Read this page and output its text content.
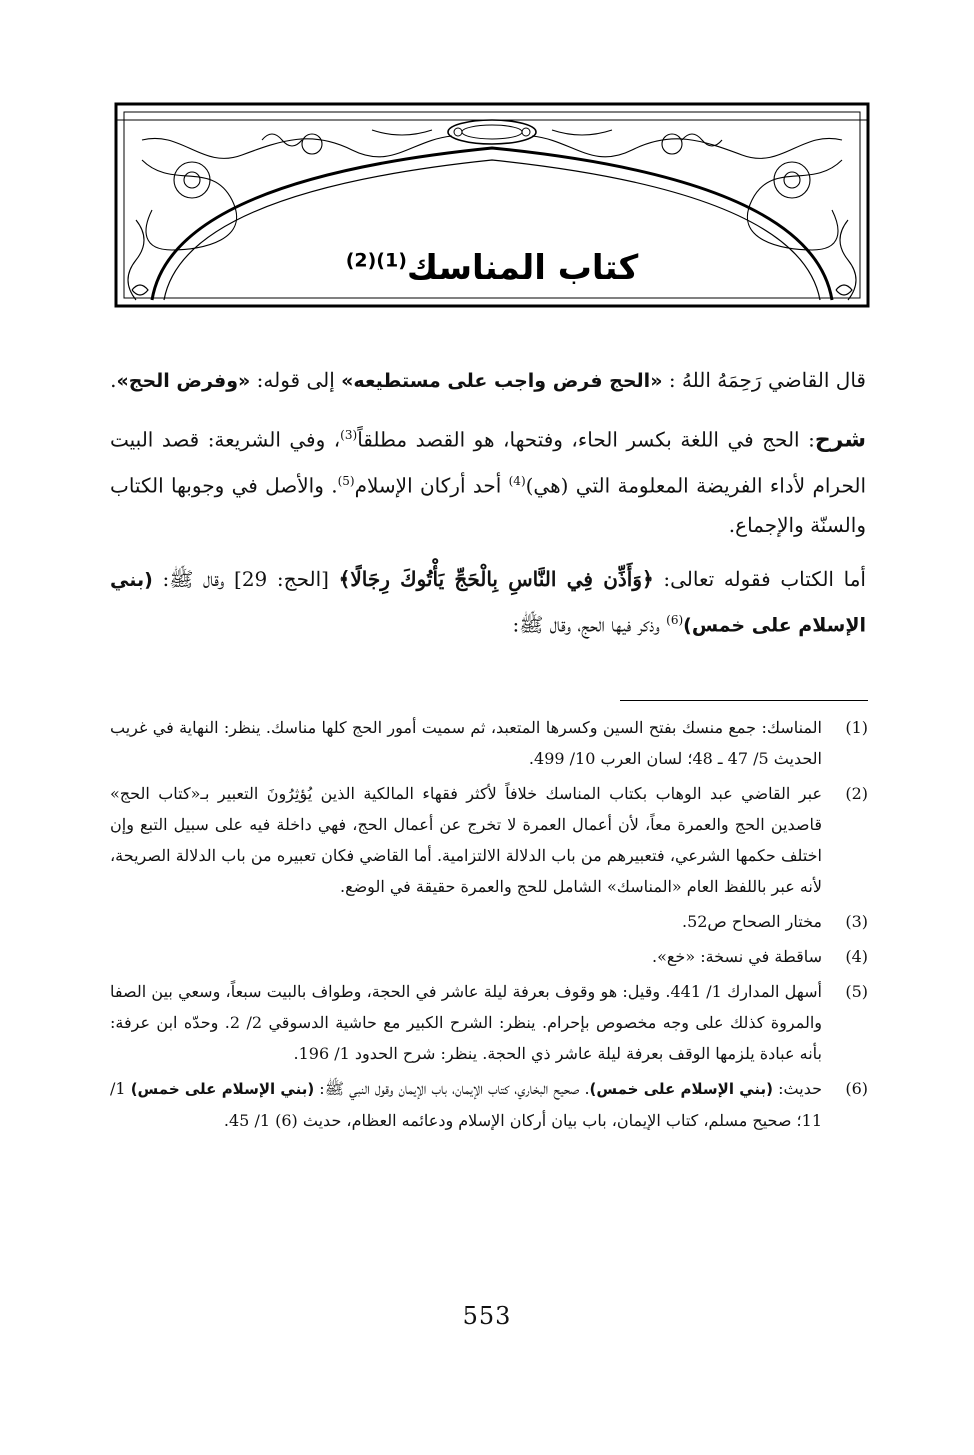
كتاب المناسك$^{(1)(2)}$

قال القاضي رَحِمَهُ اللهُ : «الحج فرض واجب على مستطيعه» إلى قوله: «وفرض الحج».

شرح: الحج في اللغة بكسر الحاء، وفتحها، هو القصد مطلقاً$^{(3)}$، وفي الشريعة: قصد البيت الحرام لأداء الفريضة المعلومة التي (هي)$^{(4)}$ أحد أركان الإسلام$^{(5)}$. والأصل في وجوبها الكتاب والسنّة والإجماع.

أما الكتاب فقوله تعالى: ﴿وَأَذِّن فِي النَّاسِ بِالْحَجِّ يَأْتُوكَ رِجَالًا﴾ [الحج: 29] وقال ﷺ: (بني الإسلام على خمس)$^{(6)}$ وذكر فيها الحج، وقال ﷺ:

(1)
المناسك: جمع منسك بفتح السين وكسرها المتعبد، ثم سميت أمور الحج كلها مناسك. ينظر: النهاية في غريب الحديث 5/ 47 ـ 48؛ لسان العرب 10/ 499.
(2)
عبر القاضي عبد الوهاب بكتاب المناسك خلافاً لأكثر فقهاء المالكية الذين يُؤثِرُونَ التعبير بـ«كتاب الحج» قاصدين الحج والعمرة معاً، لأن أعمال العمرة لا تخرج عن أعمال الحج، فهي داخلة فيه على سبيل التبع وإن اختلف حكمها الشرعي، فتعبيرهم من باب الدلالة الالتزامية. أما القاضي فكان تعبيره من باب الدلالة الصريحة، لأنه عبر باللفظ العام «المناسك» الشامل للحج والعمرة حقيقة في الوضع.
(3)
مختار الصحاح ص52.
(4)
ساقطة في نسخة: «خع».
(5)
أسهل المدارك 1/ 441. وقيل: هو وقوف بعرفة ليلة عاشر في الحجة، وطواف بالبيت سبعاً، وسعي بين الصفا والمروة كذلك على وجه مخصوص بإحرام. ينظر: الشرح الكبير مع حاشية الدسوقي 2/ 2. وحدّه ابن عرفة: بأنه عبادة يلزمها الوقف بعرفة ليلة عاشر ذي الحجة. ينظر: شرح الحدود 1/ 196.
(6)
حديث: (بني الإسلام على خمس). صحيح البخاري، كتاب الإيمان، باب الإيمان وقول النبي ﷺ: (بني الإسلام على خمس) 1/ 11؛ صحيح مسلم، كتاب الإيمان، باب بيان أركان الإسلام ودعائمه العظام، حديث (6) 1/ 45.
553
